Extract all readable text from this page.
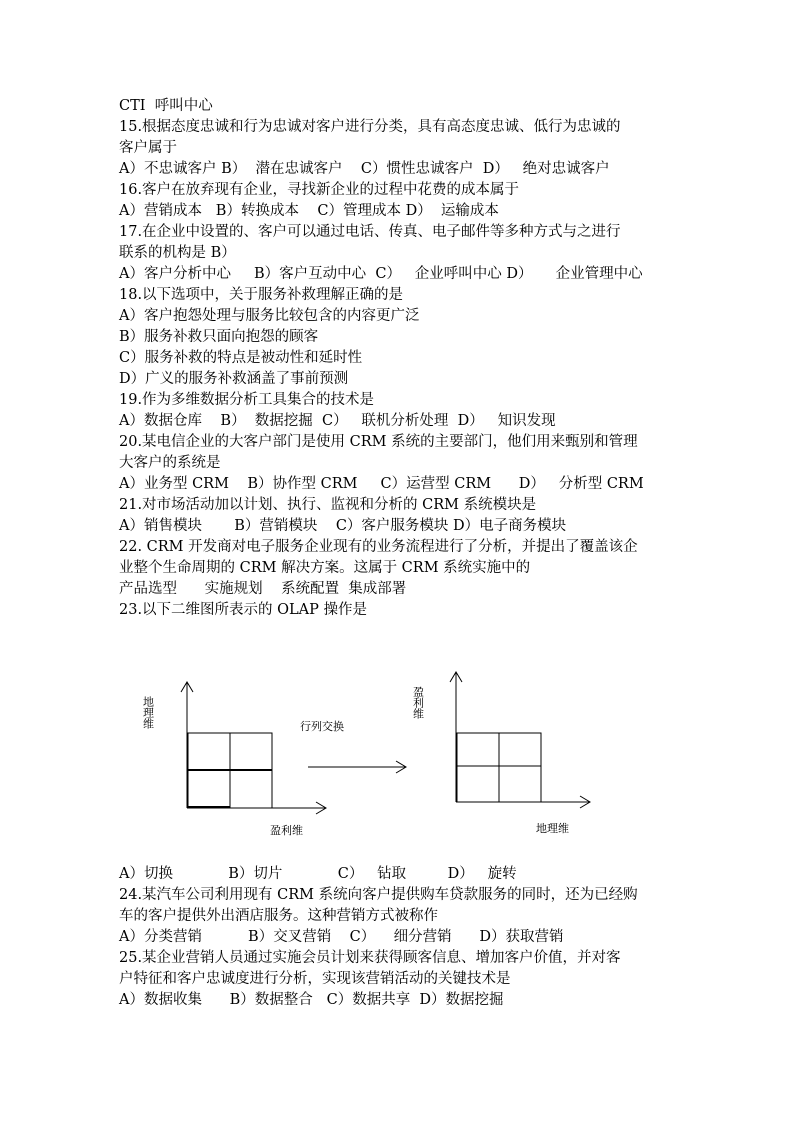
CTI  呼叫中心
15.根据态度忠诚和行为忠诚对客户进行分类，具有高态度忠诚、低行为忠诚的
客户属于
A）不忠诚客户 B）  潜在忠诚客户    C）惯性忠诚客户  D）   绝对忠诚客户
16.客户在放弃现有企业，寻找新企业的过程中花费的成本属于
A）营销成本   B）转换成本    C）管理成本 D）  运输成本
17.在企业中设置的、客户可以通过电话、传真、电子邮件等多种方式与之进行
联系的机构是 B）
A）客户分析中心     B）客户互动中心  C）   企业呼叫中心 D）     企业管理中心
18.以下选项中，关于服务补救理解正确的是
A）客户抱怨处理与服务比较包含的内容更广泛
B）服务补救只面向抱怨的顾客
C）服务补救的特点是被动性和延时性
D）广义的服务补救涵盖了事前预测
19.作为多维数据分析工具集合的技术是
A）数据仓库    B）  数据挖掘  C）   联机分析处理  D）   知识发现
20.某电信企业的大客户部门是使用 CRM 系统的主要部门，他们用来甄别和管理
大客户的系统是
A）业务型 CRM    B）协作型 CRM     C）运营型 CRM      D）   分析型 CRM
21.对市场活动加以计划、执行、监视和分析的 CRM 系统模块是
A）销售模块       B）营销模块    C）客户服务模块 D）电子商务模块
22. CRM 开发商对电子服务企业现有的业务流程进行了分析，并提出了覆盖该企
业整个生命周期的 CRM 解决方案。这属于 CRM 系统实施中的
产品选型      实施规划    系统配置  集成部署
23.以下二维图所表示的 OLAP 操作是
地理维
盈利维
行列交换
盈利维
地理维
A）切换            B）切片            C）   钻取         D）   旋转
24.某汽车公司利用现有 CRM 系统向客户提供购车贷款服务的同时，还为已经购
车的客户提供外出酒店服务。这种营销方式被称作
A）分类营销          B）交叉营销    C）    细分营销      D）获取营销
25.某企业营销人员通过实施会员计划来获得顾客信息、增加客户价值，并对客
户特征和客户忠诚度进行分析，实现该营销活动的关键技术是
A）数据收集      B）数据整合   C）数据共享  D）数据挖掘
